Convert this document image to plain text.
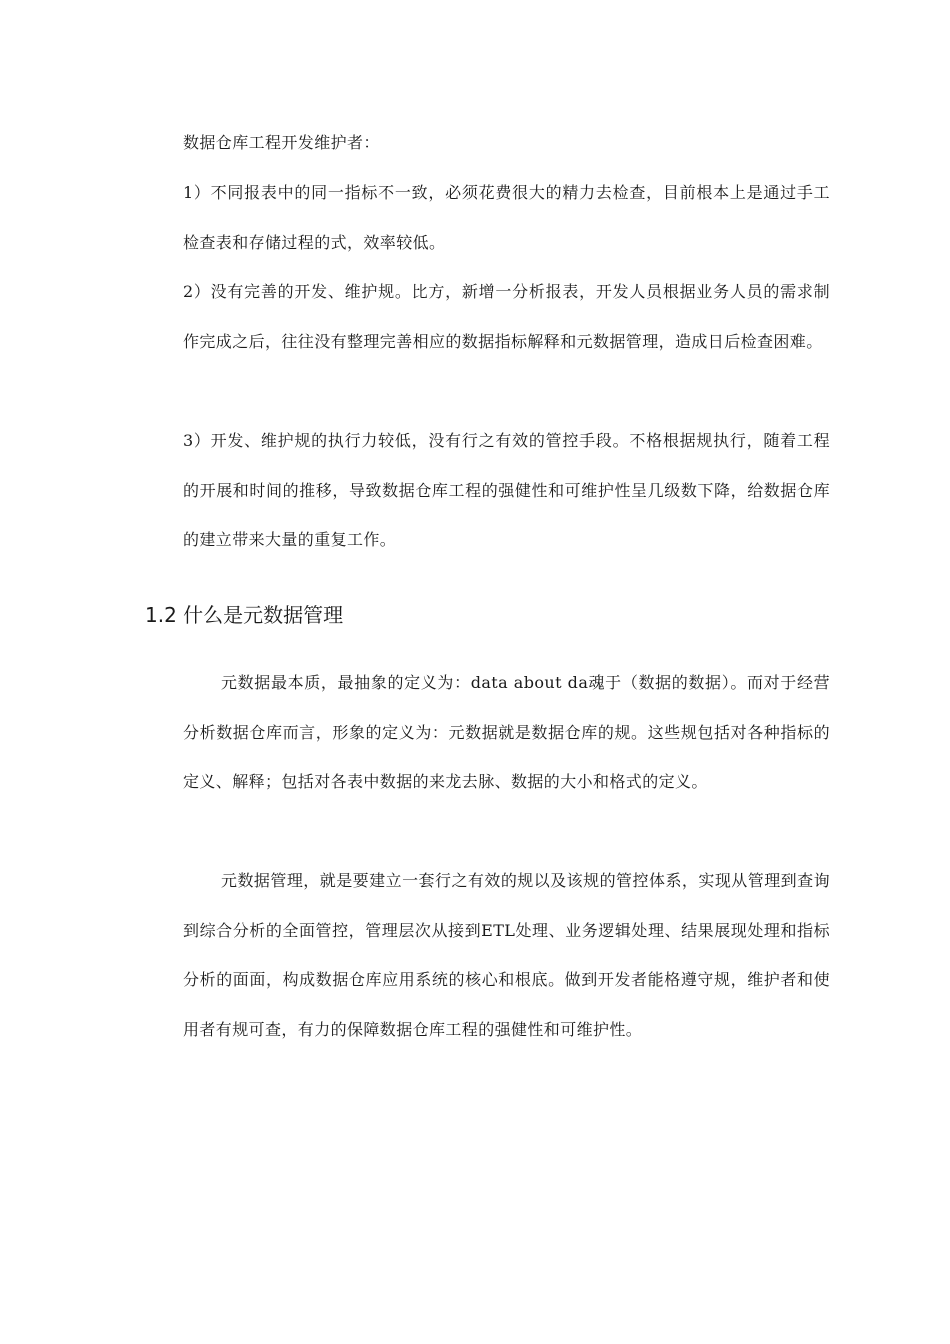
数据仓库工程开发维护者：

1）不同报表中的同一指标不一致，必须花费很大的精力去检查，目前根本上是通过手工检查表和存储过程的式，效率较低。

2）没有完善的开发、维护规。比方，新增一分析报表，开发人员根据业务人员的需求制作完成之后，往往没有整理完善相应的数据指标解释和元数据管理，造成日后检查困难。

3）开发、维护规的执行力较低，没有行之有效的管控手段。不格根据规执行，随着工程的开展和时间的推移，导致数据仓库工程的强健性和可维护性呈几级数下降，给数据仓库的建立带来大量的重复工作。

1.2 什么是元数据管理

元数据最本质，最抽象的定义为：data about da魂于（数据的数据）。而对于经营分析数据仓库而言，形象的定义为：元数据就是数据仓库的规。这些规包括对各种指标的定义、解释；包括对各表中数据的来龙去脉、数据的大小和格式的定义。

元数据管理，就是要建立一套行之有效的规以及该规的管控体系，实现从管理到查询到综合分析的全面管控，管理层次从接到ETL处理、业务逻辑处理、结果展现处理和指标分析的面面，构成数据仓库应用系统的核心和根底。做到开发者能格遵守规，维护者和使用者有规可查，有力的保障数据仓库工程的强健性和可维护性。
